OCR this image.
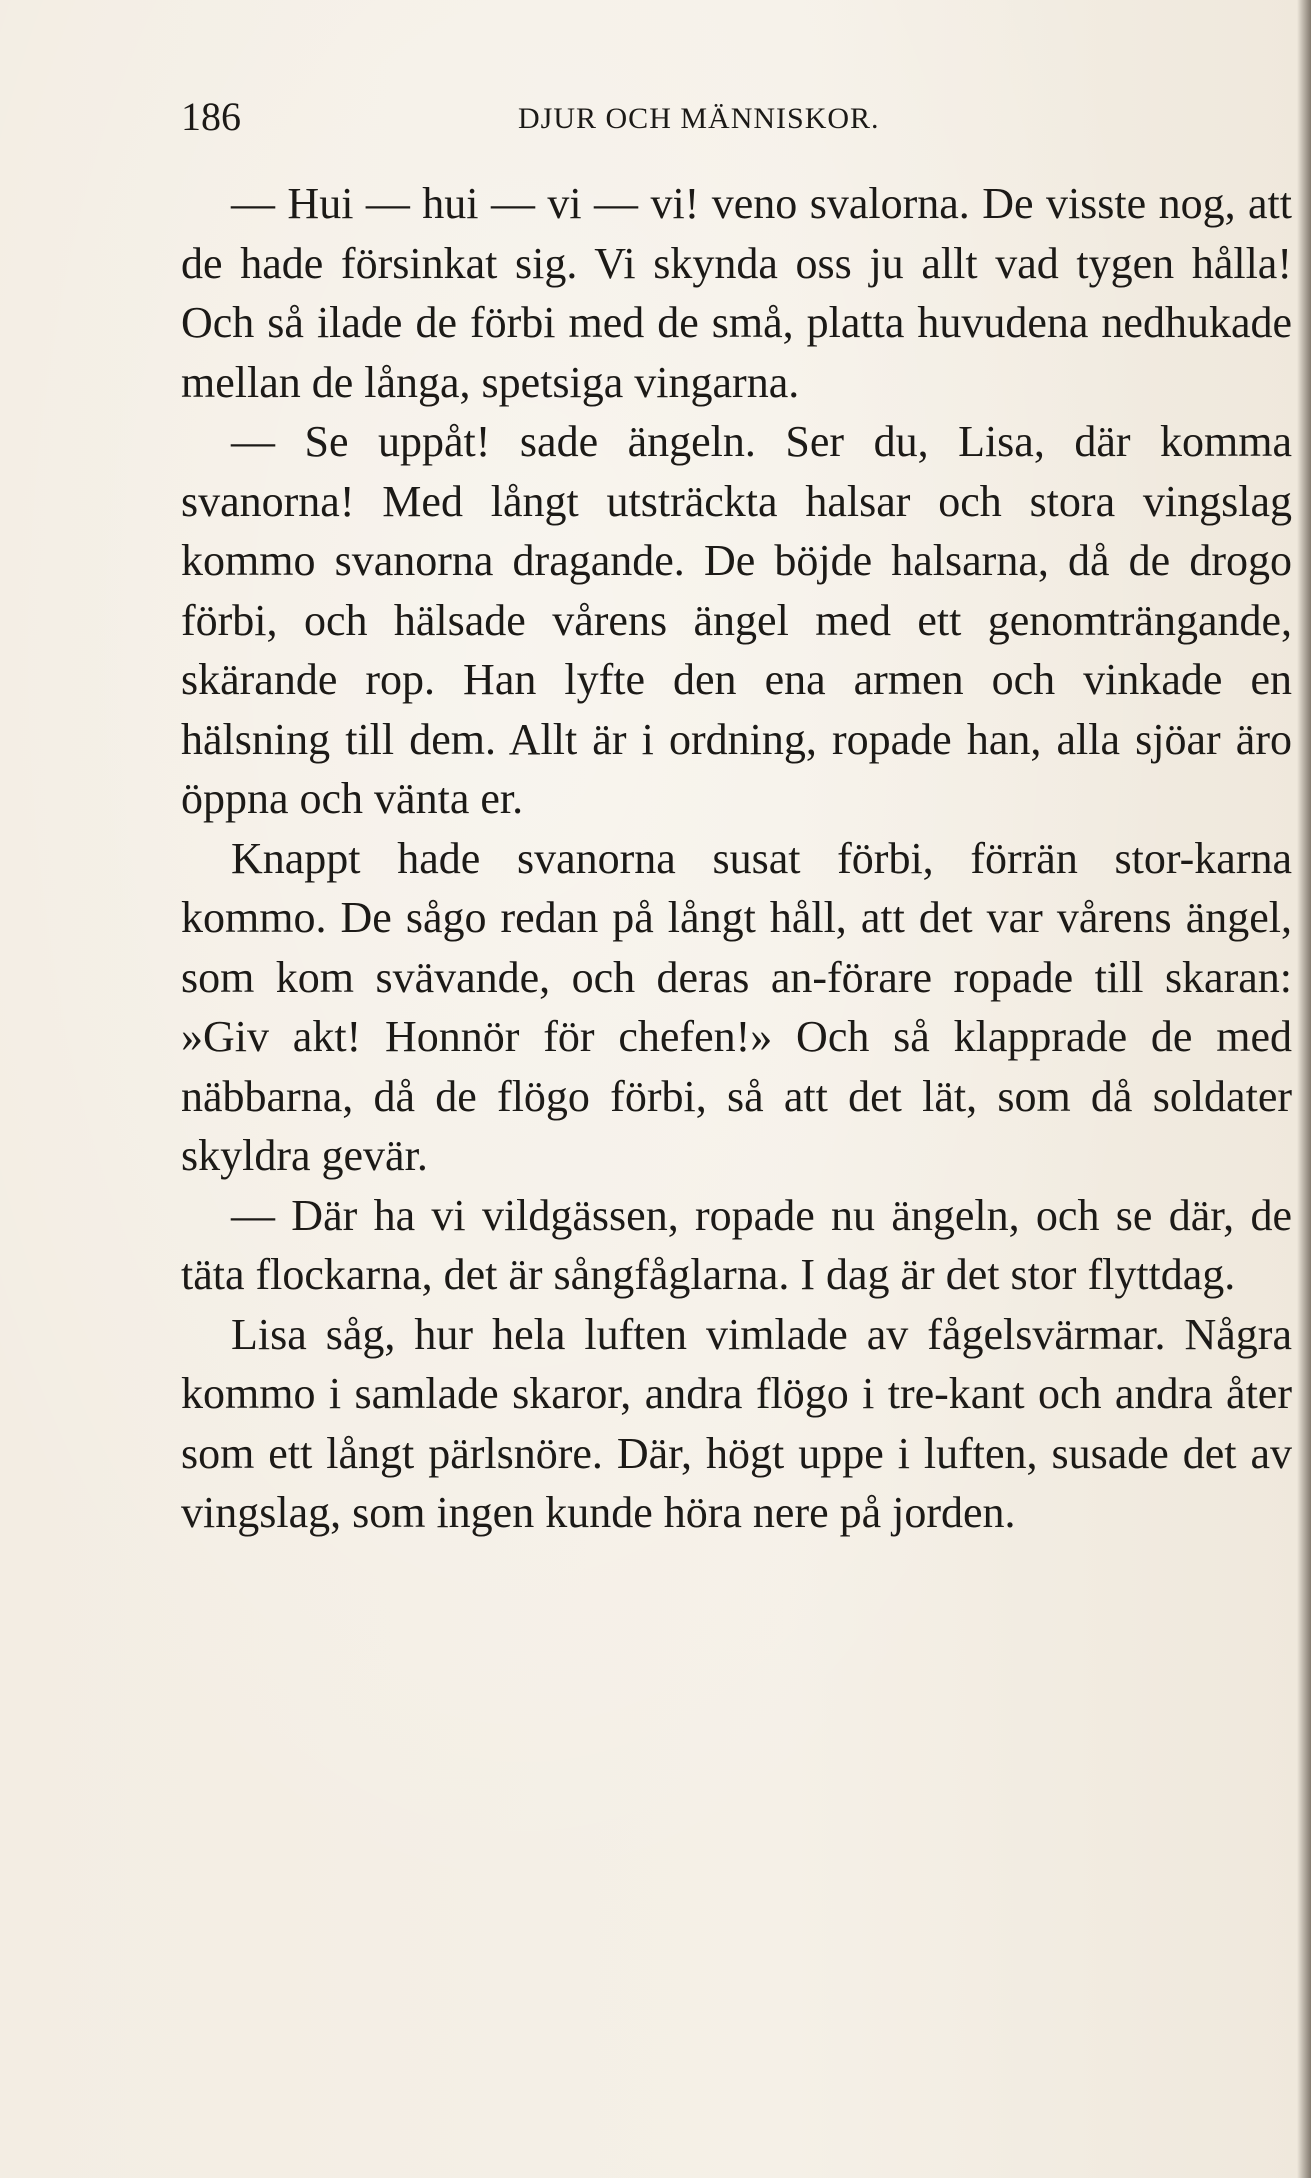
186	DJUR OCH MÄNNISKOR.

— Hui — hui — vi — vi! veno svalorna. De visste nog, att de hade försinkat sig. Vi skynda oss ju allt vad tygen hålla! Och så ilade de förbi med de små, platta huvudena nedhukade mellan de långa, spetsiga vingarna.

— Se uppåt! sade ängeln. Ser du, Lisa, där komma svanorna! Med långt utsträckta halsar och stora vingslag kommo svanorna dragande. De böjde halsarna, då de drogo förbi, och hälsade vårens ängel med ett genomträngande, skärande rop. Han lyfte den ena armen och vinkade en hälsning till dem. Allt är i ordning, ropade han, alla sjöar äro öppna och vänta er.

Knappt hade svanorna susat förbi, förrän stor-karna kommo. De sågo redan på långt håll, att det var vårens ängel, som kom svävande, och deras an-förare ropade till skaran: »Giv akt! Honnör för chefen!» Och så klapprade de med näbbarna, då de flögo förbi, så att det lät, som då soldater skyldra gevär.

— Där ha vi vildgässen, ropade nu ängeln, och se där, de täta flockarna, det är sångfåglarna. I dag är det stor flyttdag.

Lisa såg, hur hela luften vimlade av fågelsvärmar. Några kommo i samlade skaror, andra flögo i tre-kant och andra åter som ett långt pärlsnöre. Där, högt uppe i luften, susade det av vingslag, som ingen kunde höra nere på jorden.
